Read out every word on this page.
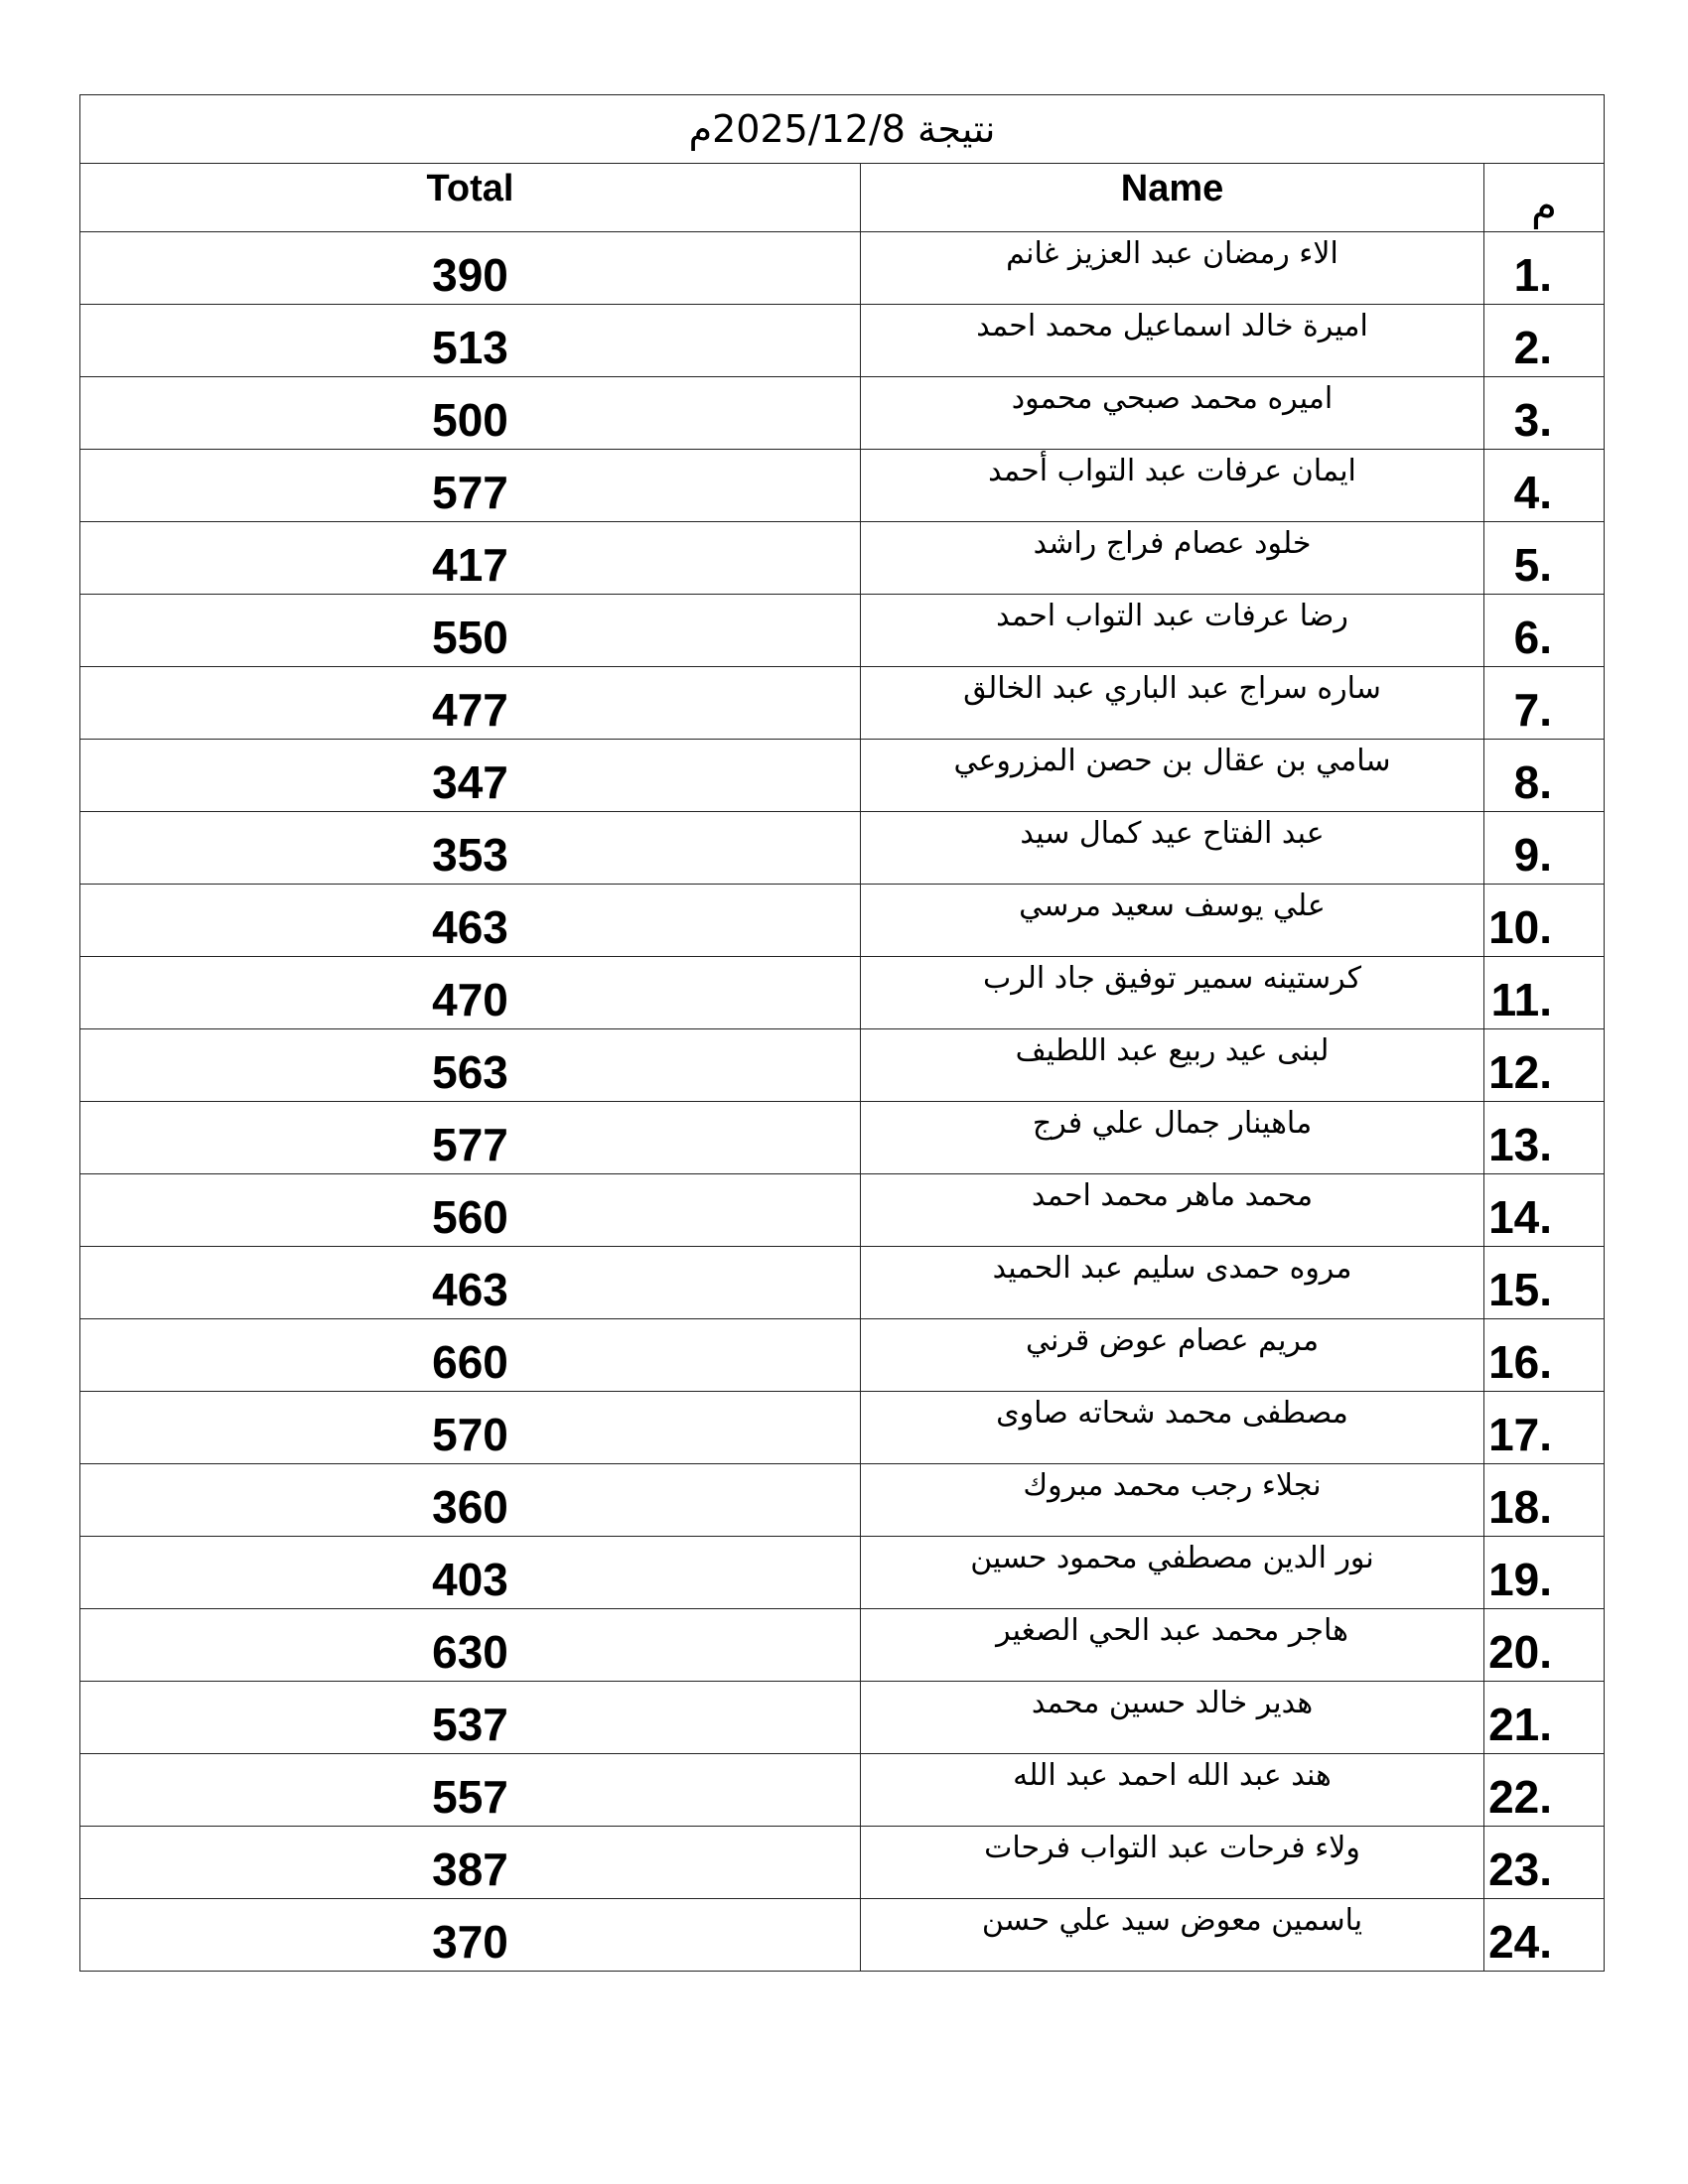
نتيجة 2025/12/8م		
Total	Name	م
390	الاء رمضان عبد العزيز غانم	1.
513	اميرة خالد اسماعيل محمد احمد	2.
500	اميره محمد صبحي محمود	3.
577	ايمان عرفات عبد التواب أحمد	4.
417	خلود عصام فراج راشد	5.
550	رضا عرفات عبد التواب احمد	6.
477	ساره سراج عبد الباري عبد الخالق	7.
347	سامي بن عقال بن حصن المزروعي	8.
353	عبد الفتاح عيد كمال سيد	9.
463	علي يوسف سعيد مرسي	10.
470	كرستينه سمير توفيق جاد الرب	11.
563	لبنى عيد ربيع عبد اللطيف	12.
577	ماهينار جمال علي فرج	13.
560	محمد ماهر محمد احمد	14.
463	مروه حمدى سليم عبد الحميد	15.
660	مريم عصام عوض قرني	16.
570	مصطفى محمد شحاته صاوى	17.
360	نجلاء رجب محمد مبروك	18.
403	نور الدين مصطفي محمود حسين	19.
630	هاجر محمد عبد الحي الصغير	20.
537	هدير خالد حسين محمد	21.
557	هند عبد الله احمد عبد الله	22.
387	ولاء فرحات عبد التواب فرحات	23.
370	ياسمين معوض سيد علي حسن	24.
